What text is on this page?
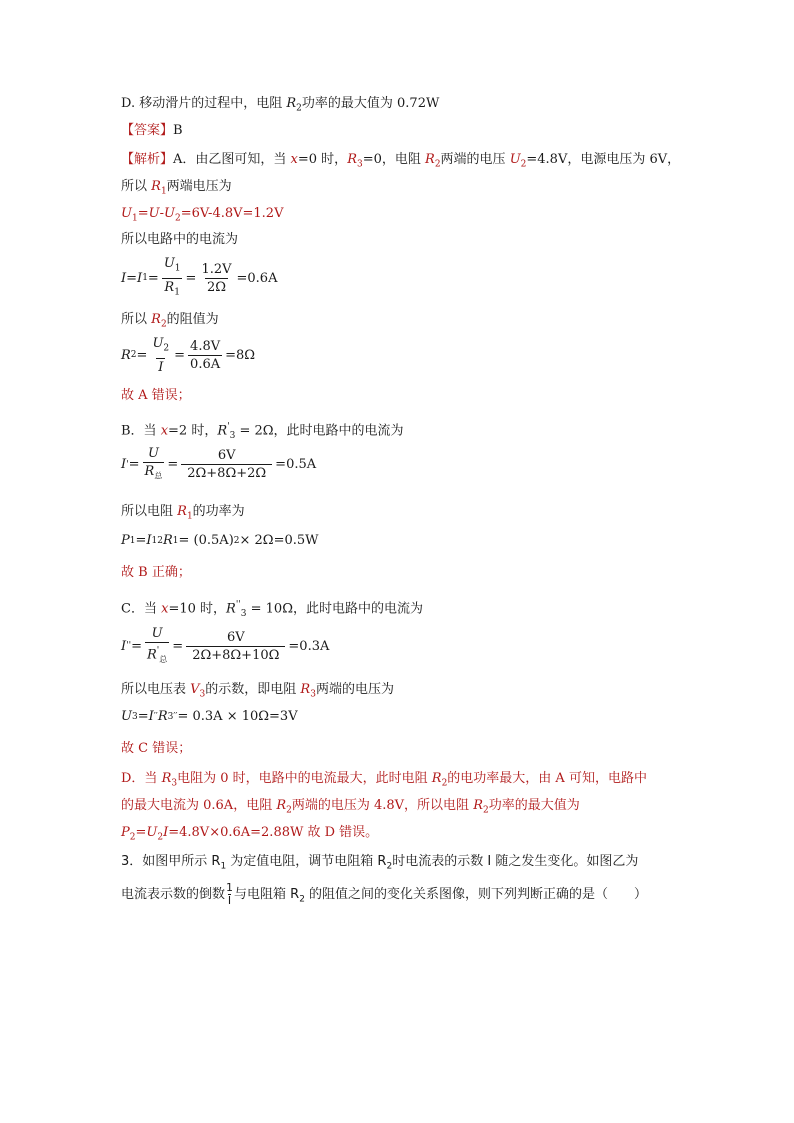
D. 移动滑片的过程中，电阻 $R_2$功率的最大值为 0.72W
【答案】B
【解析】A．由乙图可知，当 x=0 时，$R_3=0$，电阻 $R_2$两端的电压 $U_2=4.8V$，电源电压为 6V，
所以 $R_1$两端电压为
$U_1=U-U_2=6V-4.8V=1.2V$
所以电路中的电流为
I = I $1 = \frac{U_1}{R_1} = \frac{1.2V}{2\Omega} =0.6A$
所以 $R_2$的阻值为
R $2 = \frac{U_2}{I} = \frac{4.8V}{0.6A} =8\Omega$
故 A 错误；
B．当 x=2 时，$R'_3 = 2\Omega$，此时电路中的电流为
I ' = $\frac{U}{R_总} = \frac{6V}{2\Omega+8\Omega+2\Omega} =0.5A$
所以电阻 $R_1$的功率为
P 1 = I 1 2 R 1 = (0.5A) 2 × 2Ω=0.5W
故 B 正确；
C．当 x=10 时，$R''_3 = 10\Omega$，此时电路中的电流为
I '' = $\frac{U}{R'_总} = \frac{6V}{2\Omega+8\Omega+10\Omega} =0.3A$
所以电压表 $V_3$的示数，即电阻 $R_3$两端的电压为
U 3 = I ′′ R 3 ′′ = 0.3A × 10Ω=3V
故 C 错误；
D．当 $R_3$电阻为 0 时，电路中的电流最大，此时电阻 $R_2$的电功率最大，由 A 可知，电路中
的最大电流为 0.6A，电阻 $R_2$两端的电压为 4.8V，所以电阻 $R_2$功率的最大值为
$P_2=U_2I=4.8V\times 0.6A=2.88W$ 故 D 错误。
3．如图甲所示 $R_1$ 为定值电阻，调节电阻箱 $R_2$时电流表的示数 I 随之发生变化。如图乙为
电流表示数的倒数 $\frac{1}{I}$ 与电阻箱 $R_2$ 的阻值之间的变化关系图像，则下列判断正确的是（　　）
